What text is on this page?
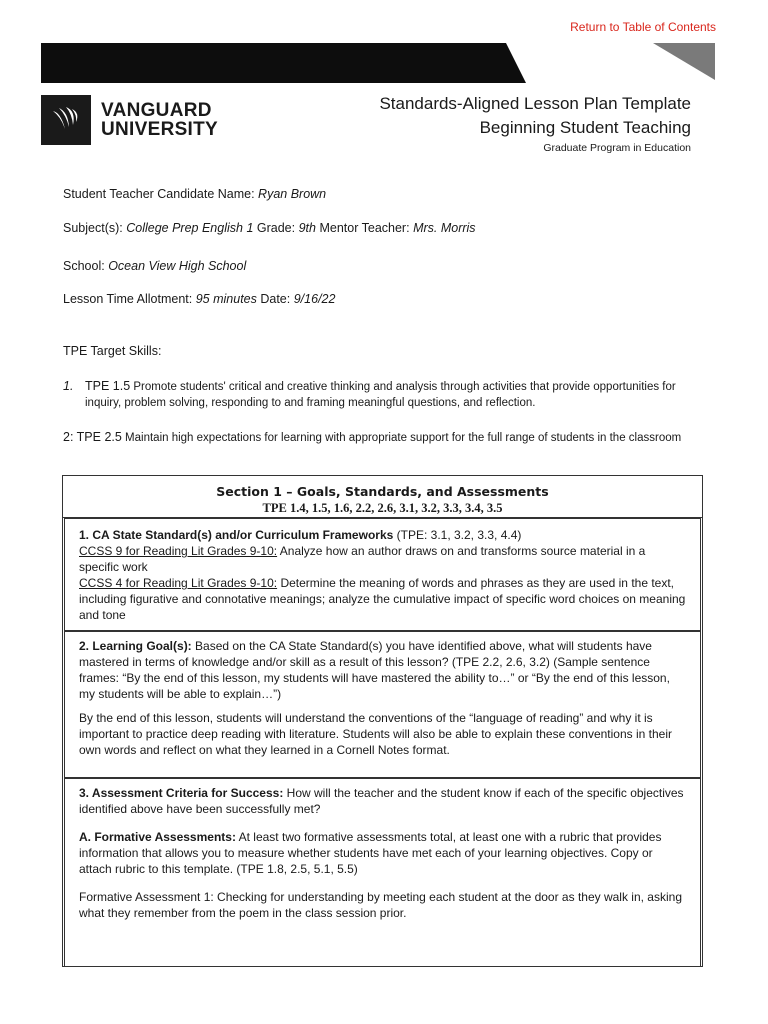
Return to Table of Contents
VANGUARD
UNIVERSITY
Standards-Aligned Lesson Plan Template
Beginning Student Teaching
Graduate Program in Education
Student Teacher Candidate Name: Ryan Brown
Subject(s): College Prep English 1 Grade: 9th Mentor Teacher: Mrs. Morris
School: Ocean View High School
Lesson Time Allotment: 95 minutes Date: 9/16/22
TPE Target Skills:
1. TPE 1.5 Promote students' critical and creative thinking and analysis through activities that provide opportunities for inquiry, problem solving, responding to and framing meaningful questions, and reflection.
2: TPE 2.5 Maintain high expectations for learning with appropriate support for the full range of students in the classroom
Section 1 – Goals, Standards, and Assessments
TPE 1.4, 1.5, 1.6, 2.2, 2.6, 3.1, 3.2, 3.3, 3.4, 3.5
1. CA State Standard(s) and/or Curriculum Frameworks (TPE: 3.1, 3.2, 3.3, 4.4)
CCSS 9 for Reading Lit Grades 9-10: Analyze how an author draws on and transforms source material in a specific work
CCSS 4 for Reading Lit Grades 9-10: Determine the meaning of words and phrases as they are used in the text, including figurative and connotative meanings; analyze the cumulative impact of specific word choices on meaning and tone
2. Learning Goal(s): Based on the CA State Standard(s) you have identified above, what will students have mastered in terms of knowledge and/or skill as a result of this lesson? (TPE 2.2, 2.6, 3.2) (Sample sentence frames: “By the end of this lesson, my students will have mastered the ability to…” or “By the end of this lesson, my students will be able to explain…”)
By the end of this lesson, students will understand the conventions of the “language of reading” and why it is important to practice deep reading with literature. Students will also be able to explain these conventions in their own words and reflect on what they learned in a Cornell Notes format.
3. Assessment Criteria for Success: How will the teacher and the student know if each of the specific objectives identified above have been successfully met?
A. Formative Assessments: At least two formative assessments total, at least one with a rubric that provides information that allows you to measure whether students have met each of your learning objectives. Copy or attach rubric to this template. (TPE 1.8, 2.5, 5.1, 5.5)
Formative Assessment 1: Checking for understanding by meeting each student at the door as they walk in, asking what they remember from the poem in the class session prior.
